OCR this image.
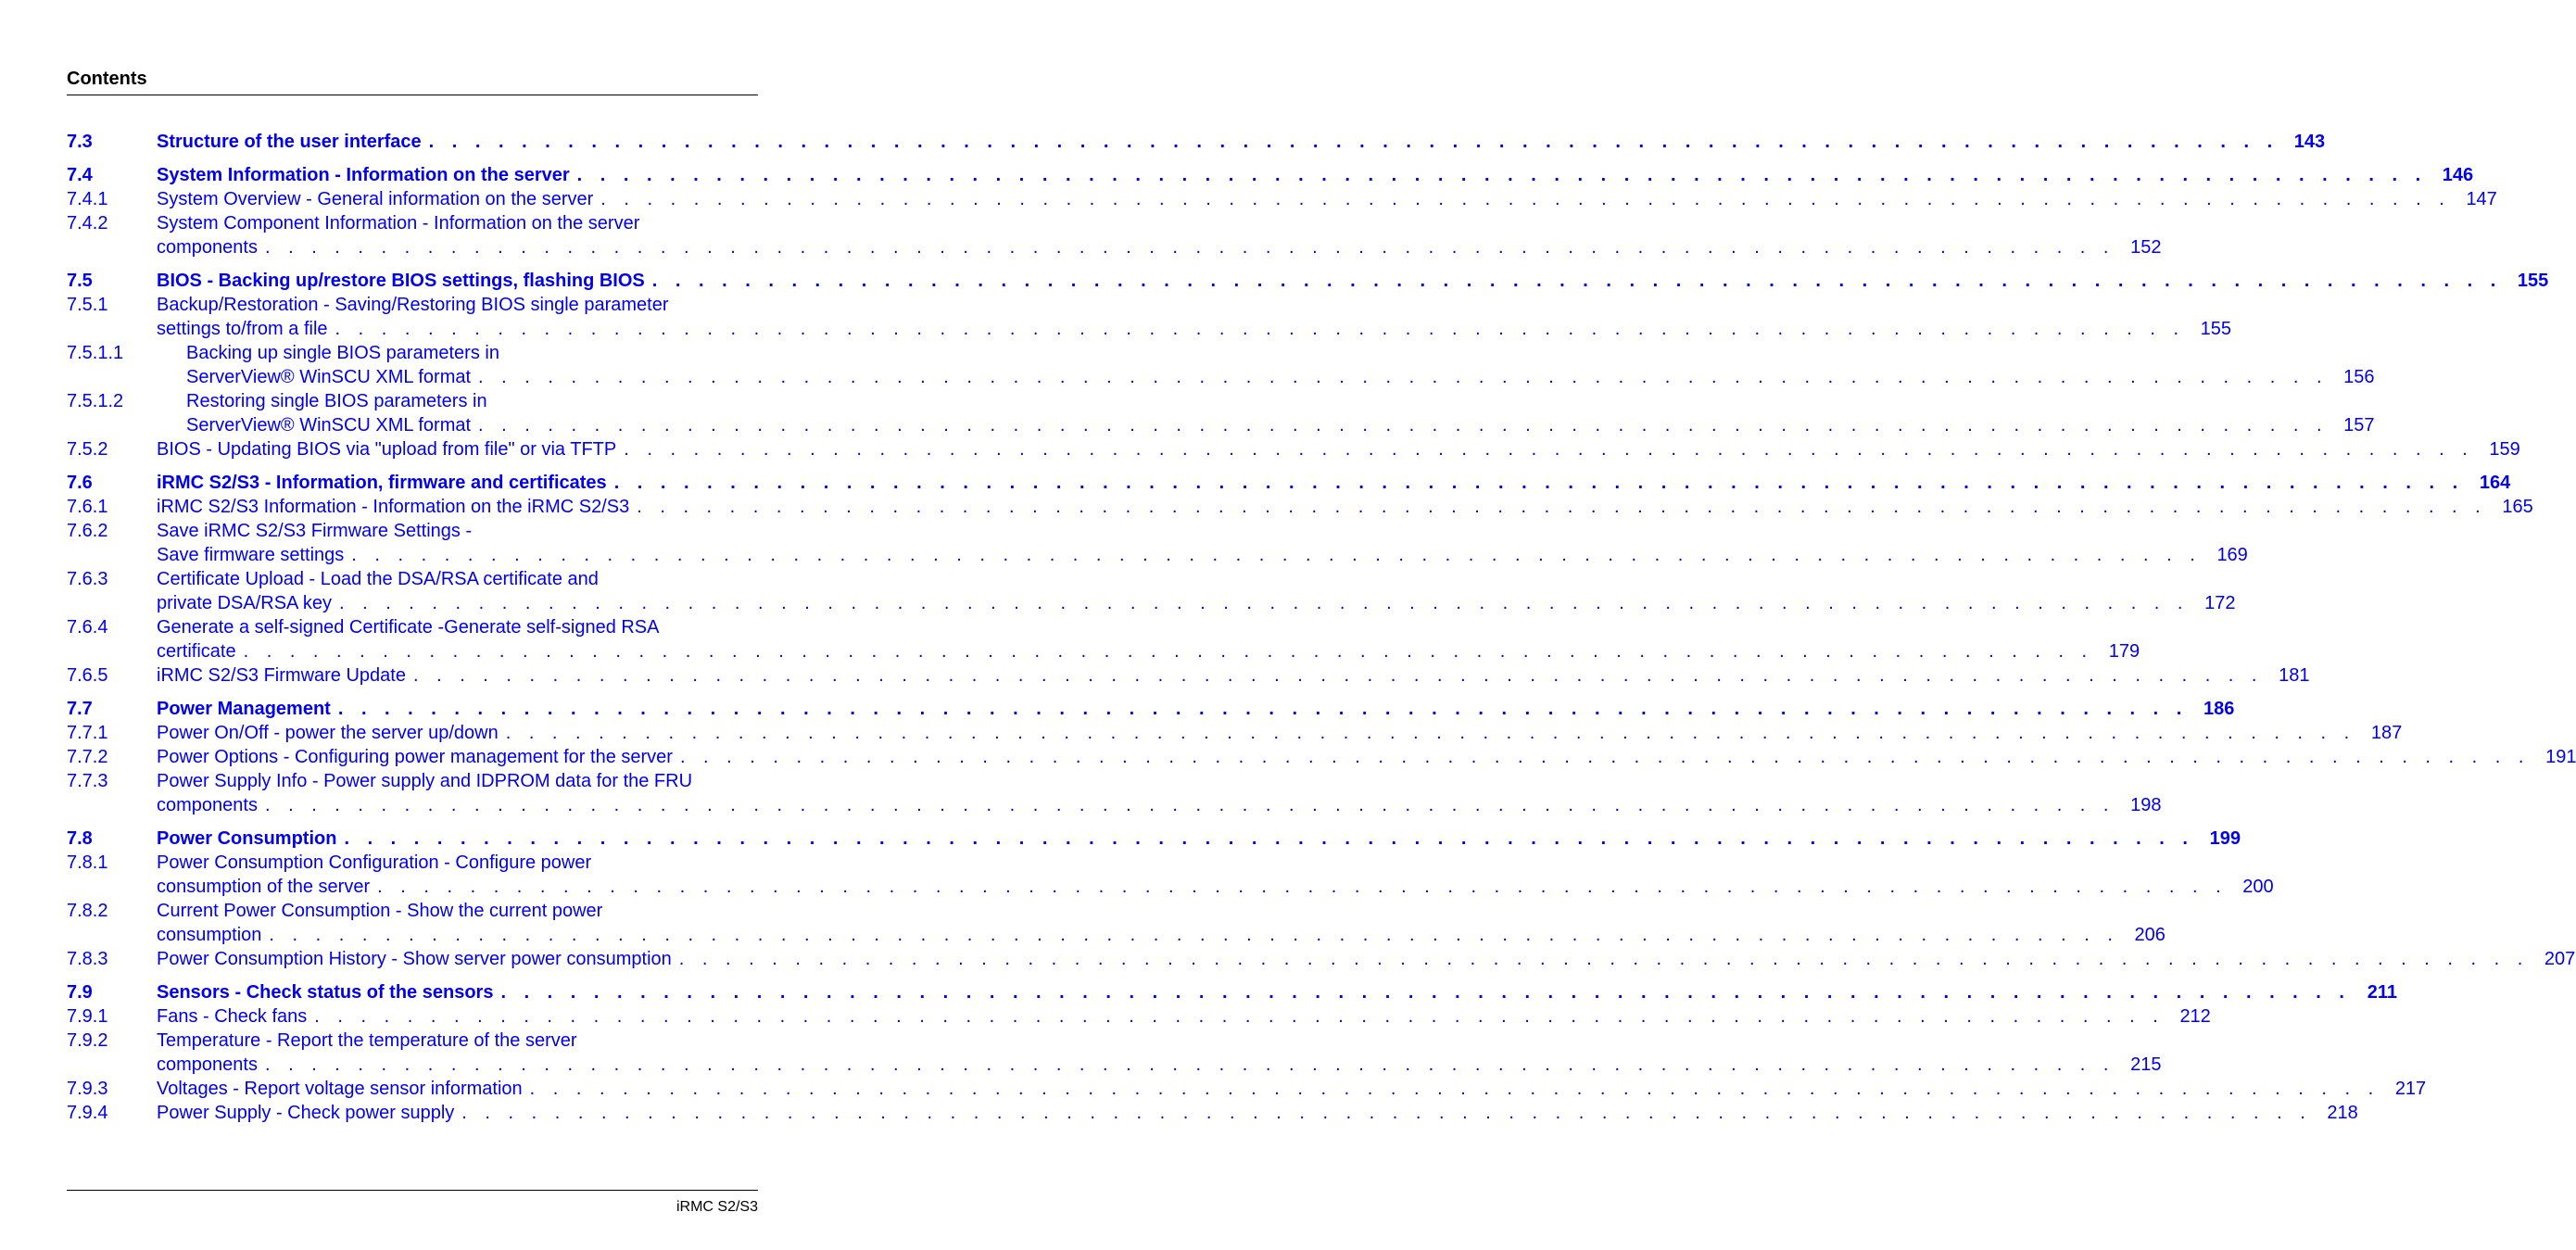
Contents
7.3	Structure of the user interface . . . . . . . . . . . . . . . . . . . . . . . . . . . . . . . . . . . . . . . . . . . . . . . . . . . . . . . . . . . . . . . . . . . . . . . . . . . . . . . . 143
7.4	System Information - Information on the server . . . . . . . . . . . . . . . . . . . . . . . . . . . . . . . . . . . . . . . . . . . . . . . . . . . . . . . . . . . . . . . . . . . . . . . . . . . . . . . . 146
7.4.1	System Overview - General information on the server . . . . . . . . . . . . . . . . . . . . . . . . . . . . . . . . . . . . . . . . . . . . . . . . . . . . . . . . . . . . . . . . . . . . . . . . . . . . . . . . 147
7.4.2	System Component Information - Information on the server
components . . . . . . . . . . . . . . . . . . . . . . . . . . . . . . . . . . . . . . . . . . . . . . . . . . . . . . . . . . . . . . . . . . . . . . . . . . . . . . . . 152
7.5	BIOS - Backing up/restore BIOS settings, flashing BIOS . . . . . . . . . . . . . . . . . . . . . . . . . . . . . . . . . . . . . . . . . . . . . . . . . . . . . . . . . . . . . . . . . . . . . . . . . . . . . . . . 155
7.5.1	Backup/Restoration - Saving/Restoring BIOS single parameter
settings to/from a file . . . . . . . . . . . . . . . . . . . . . . . . . . . . . . . . . . . . . . . . . . . . . . . . . . . . . . . . . . . . . . . . . . . . . . . . . . . . . . . . 155
7.5.1.1	Backing up single BIOS parameters in
ServerView® WinSCU XML format . . . . . . . . . . . . . . . . . . . . . . . . . . . . . . . . . . . . . . . . . . . . . . . . . . . . . . . . . . . . . . . . . . . . . . . . . . . . . . . . 156
7.5.1.2	Restoring single BIOS parameters in
ServerView® WinSCU XML format . . . . . . . . . . . . . . . . . . . . . . . . . . . . . . . . . . . . . . . . . . . . . . . . . . . . . . . . . . . . . . . . . . . . . . . . . . . . . . . . 157
7.5.2	BIOS - Updating BIOS via "upload from file" or via TFTP . . . . . . . . . . . . . . . . . . . . . . . . . . . . . . . . . . . . . . . . . . . . . . . . . . . . . . . . . . . . . . . . . . . . . . . . . . . . . . . . 159
7.6	iRMC S2/S3 - Information, firmware and certificates . . . . . . . . . . . . . . . . . . . . . . . . . . . . . . . . . . . . . . . . . . . . . . . . . . . . . . . . . . . . . . . . . . . . . . . . . . . . . . . . 164
7.6.1	iRMC S2/S3 Information - Information on the iRMC S2/S3 . . . . . . . . . . . . . . . . . . . . . . . . . . . . . . . . . . . . . . . . . . . . . . . . . . . . . . . . . . . . . . . . . . . . . . . . . . . . . . . . 165
7.6.2	Save iRMC S2/S3 Firmware Settings -
Save firmware settings . . . . . . . . . . . . . . . . . . . . . . . . . . . . . . . . . . . . . . . . . . . . . . . . . . . . . . . . . . . . . . . . . . . . . . . . . . . . . . . . 169
7.6.3	Certificate Upload - Load the DSA/RSA certificate and
private DSA/RSA key . . . . . . . . . . . . . . . . . . . . . . . . . . . . . . . . . . . . . . . . . . . . . . . . . . . . . . . . . . . . . . . . . . . . . . . . . . . . . . . . 172
7.6.4	Generate a self-signed Certificate -Generate self-signed RSA
certificate . . . . . . . . . . . . . . . . . . . . . . . . . . . . . . . . . . . . . . . . . . . . . . . . . . . . . . . . . . . . . . . . . . . . . . . . . . . . . . . . 179
7.6.5	iRMC S2/S3 Firmware Update . . . . . . . . . . . . . . . . . . . . . . . . . . . . . . . . . . . . . . . . . . . . . . . . . . . . . . . . . . . . . . . . . . . . . . . . . . . . . . . . 181
7.7	Power Management . . . . . . . . . . . . . . . . . . . . . . . . . . . . . . . . . . . . . . . . . . . . . . . . . . . . . . . . . . . . . . . . . . . . . . . . . . . . . . . . 186
7.7.1	Power On/Off - power the server up/down . . . . . . . . . . . . . . . . . . . . . . . . . . . . . . . . . . . . . . . . . . . . . . . . . . . . . . . . . . . . . . . . . . . . . . . . . . . . . . . . 187
7.7.2	Power Options - Configuring power management for the server . . . . . . . . . . . . . . . . . . . . . . . . . . . . . . . . . . . . . . . . . . . . . . . . . . . . . . . . . . . . . . . . . . . . . . . . . . . . . . . . 191
7.7.3	Power Supply Info - Power supply and IDPROM data for the FRU
components . . . . . . . . . . . . . . . . . . . . . . . . . . . . . . . . . . . . . . . . . . . . . . . . . . . . . . . . . . . . . . . . . . . . . . . . . . . . . . . . 198
7.8	Power Consumption . . . . . . . . . . . . . . . . . . . . . . . . . . . . . . . . . . . . . . . . . . . . . . . . . . . . . . . . . . . . . . . . . . . . . . . . . . . . . . . . 199
7.8.1	Power Consumption Configuration - Configure power
consumption of the server . . . . . . . . . . . . . . . . . . . . . . . . . . . . . . . . . . . . . . . . . . . . . . . . . . . . . . . . . . . . . . . . . . . . . . . . . . . . . . . . 200
7.8.2	Current Power Consumption - Show the current power
consumption . . . . . . . . . . . . . . . . . . . . . . . . . . . . . . . . . . . . . . . . . . . . . . . . . . . . . . . . . . . . . . . . . . . . . . . . . . . . . . . . 206
7.8.3	Power Consumption History - Show server power consumption . . . . . . . . . . . . . . . . . . . . . . . . . . . . . . . . . . . . . . . . . . . . . . . . . . . . . . . . . . . . . . . . . . . . . . . . . . . . . . . . 207
7.9	Sensors - Check status of the sensors . . . . . . . . . . . . . . . . . . . . . . . . . . . . . . . . . . . . . . . . . . . . . . . . . . . . . . . . . . . . . . . . . . . . . . . . . . . . . . . . 211
7.9.1	Fans - Check fans . . . . . . . . . . . . . . . . . . . . . . . . . . . . . . . . . . . . . . . . . . . . . . . . . . . . . . . . . . . . . . . . . . . . . . . . . . . . . . . . 212
7.9.2	Temperature - Report the temperature of the server
components . . . . . . . . . . . . . . . . . . . . . . . . . . . . . . . . . . . . . . . . . . . . . . . . . . . . . . . . . . . . . . . . . . . . . . . . . . . . . . . . 215
7.9.3	Voltages - Report voltage sensor information . . . . . . . . . . . . . . . . . . . . . . . . . . . . . . . . . . . . . . . . . . . . . . . . . . . . . . . . . . . . . . . . . . . . . . . . . . . . . . . . 217
7.9.4	Power Supply - Check power supply . . . . . . . . . . . . . . . . . . . . . . . . . . . . . . . . . . . . . . . . . . . . . . . . . . . . . . . . . . . . . . . . . . . . . . . . . . . . . . . . 218
iRMC S2/S3
